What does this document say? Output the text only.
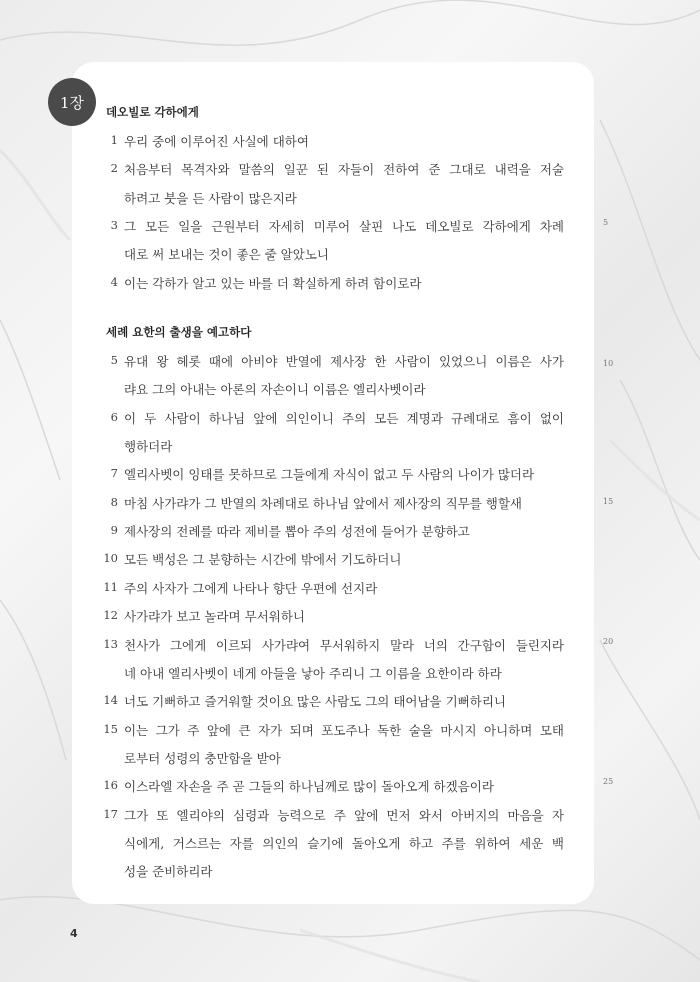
1장
데오빌로 각하에게
1 우리 중에 이루어진 사실에 대하여
2 처음부터 목격자와 말씀의 일꾼 된 자들이 전하여 준 그대로 내력을 저술
하려고 붓을 든 사람이 많은지라
3 그 모든 일을 근원부터 자세히 미루어 살핀 나도 데오빌로 각하에게 차례
대로 써 보내는 것이 좋은 줄 알았노니
4 이는 각하가 알고 있는 바를 더 확실하게 하려 함이로라
세례 요한의 출생을 예고하다
5 유대 왕 헤롯 때에 아비야 반열에 제사장 한 사람이 있었으니 이름은 사가
랴요 그의 아내는 아론의 자손이니 이름은 엘리사벳이라
6 이 두 사람이 하나님 앞에 의인이니 주의 모든 계명과 규례대로 흠이 없이
행하더라
7 엘리사벳이 잉태를 못하므로 그들에게 자식이 없고 두 사람의 나이가 많더라
8 마침 사가랴가 그 반열의 차례대로 하나님 앞에서 제사장의 직무를 행할새
9 제사장의 전례를 따라 제비를 뽑아 주의 성전에 들어가 분향하고
10 모든 백성은 그 분향하는 시간에 밖에서 기도하더니
11 주의 사자가 그에게 나타나 향단 우편에 선지라
12 사가랴가 보고 놀라며 무서워하니
13 천사가 그에게 이르되 사가랴여 무서워하지 말라 너의 간구함이 들린지라
네 아내 엘리사벳이 네게 아들을 낳아 주리니 그 이름을 요한이라 하라
14 너도 기뻐하고 즐거워할 것이요 많은 사람도 그의 태어남을 기뻐하리니
15 이는 그가 주 앞에 큰 자가 되며 포도주나 독한 술을 마시지 아니하며 모태
로부터 성령의 충만함을 받아
16 이스라엘 자손을 주 곧 그들의 하나님께로 많이 돌아오게 하겠음이라
17 그가 또 엘리야의 심령과 능력으로 주 앞에 먼저 와서 아버지의 마음을 자
식에게, 거스르는 자를 의인의 슬기에 돌아오게 하고 주를 위하여 세운 백
성을 준비하리라
5
10
15
20
25
4
